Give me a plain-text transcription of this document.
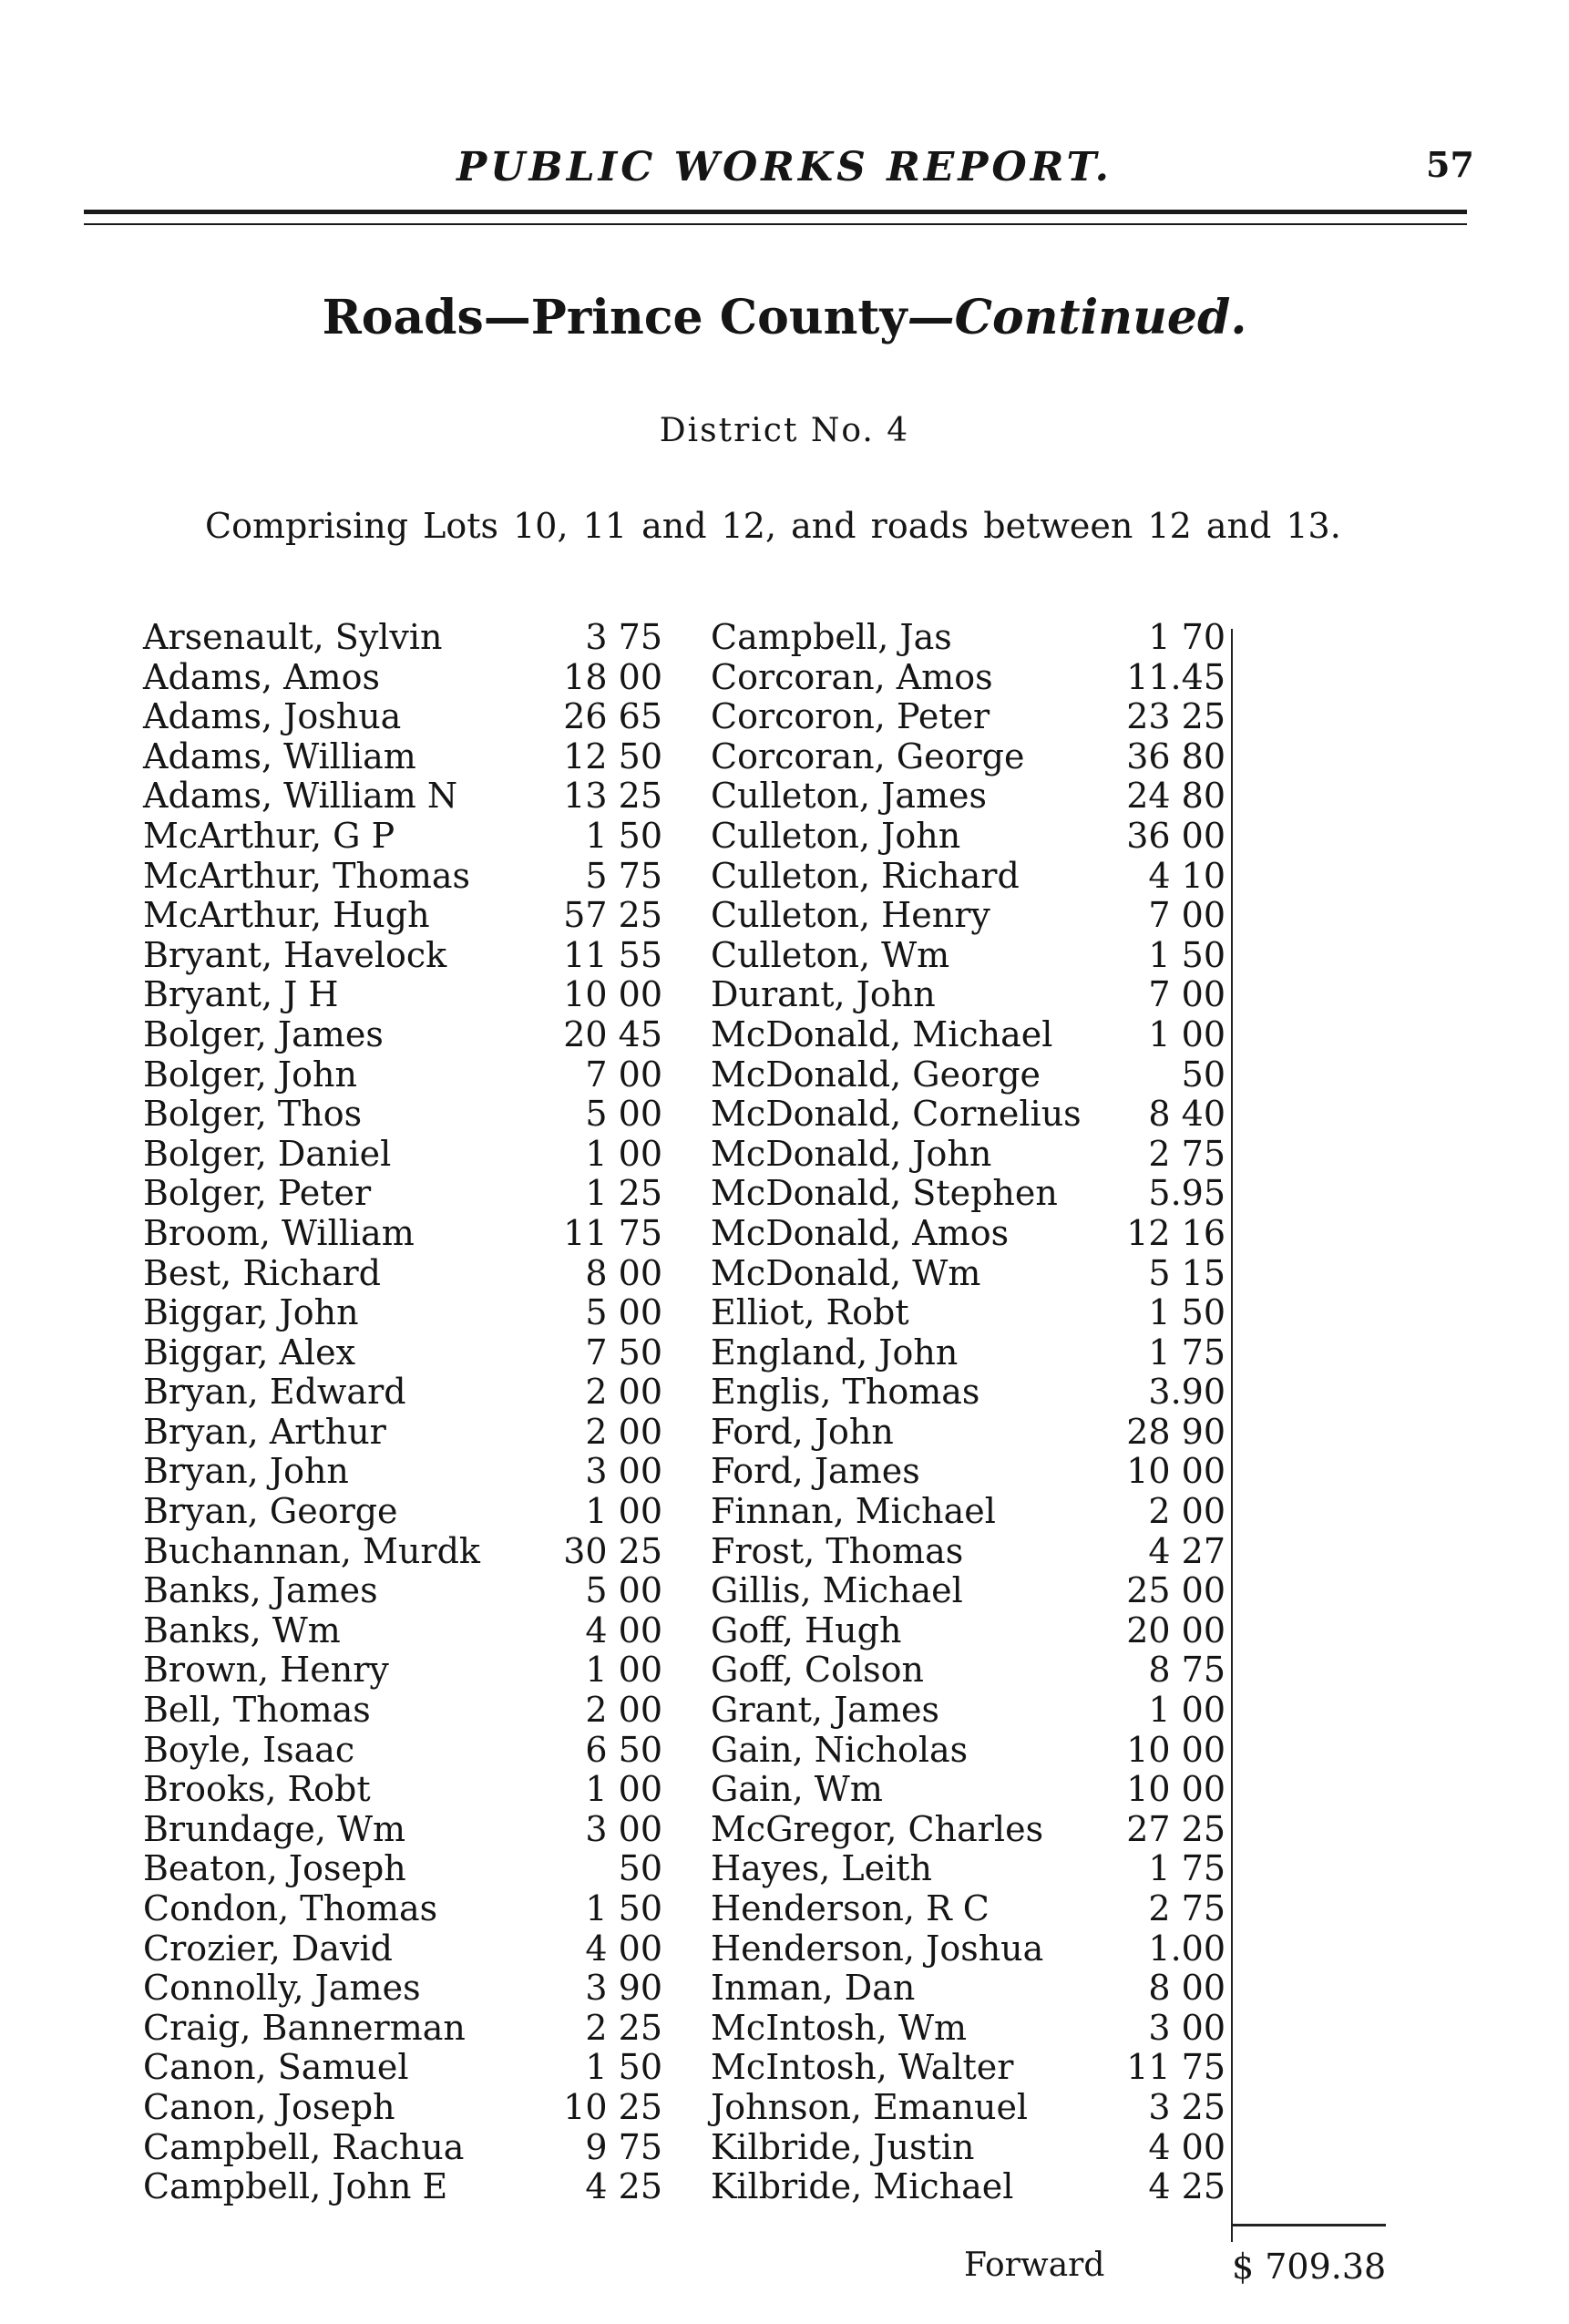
PUBLIC WORKS REPORT.	57
Roads—Prince County—Continued.
District No. 4
Comprising Lots 10, 11 and 12, and roads between 12 and 13.
Arsenault, Sylvin	3 75
Adams, Amos	18 00
Adams, Joshua	26 65
Adams, William	12 50
Adams, William N	13 25
McArthur, G P	1 50
McArthur, Thomas	5 75
McArthur, Hugh	57 25
Bryant, Havelock	11 55
Bryant, J H	10 00
Bolger, James	20 45
Bolger, John	7 00
Bolger, Thos	5 00
Bolger, Daniel	1 00
Bolger, Peter	1 25
Broom, William	11 75
Best, Richard	8 00
Biggar, John	5 00
Biggar, Alex	7 50
Bryan, Edward	2 00
Bryan, Arthur	2 00
Bryan, John	3 00
Bryan, George	1 00
Buchannan, Murdk	30 25
Banks, James	5 00
Banks, Wm	4 00
Brown, Henry	1 00
Bell, Thomas	2 00
Boyle, Isaac	6 50
Brooks, Robt	1 00
Brundage, Wm	3 00
Beaton, Joseph	50
Condon, Thomas	1 50
Crozier, David	4 00
Connolly, James	3 90
Craig, Bannerman	2 25
Canon, Samuel	1 50
Canon, Joseph	10 25
Campbell, Rachua	9 75
Campbell, John E	4 25
Campbell, Jas	1 70
Corcoran, Amos	11.45
Corcoron, Peter	23 25
Corcoran, George	36 80
Culleton, James	24 80
Culleton, John	36 00
Culleton, Richard	4 10
Culleton, Henry	7 00
Culleton, Wm	1 50
Durant, John	7 00
McDonald, Michael	1 00
McDonald, George	50
McDonald, Cornelius	8 40
McDonald, John	2 75
McDonald, Stephen	5.95
McDonald, Amos	12 16
McDonald, Wm	5 15
Elliot, Robt	1 50
England, John	1 75
Englis, Thomas	3.90
Ford, John	28 90
Ford, James	10 00
Finnan, Michael	2 00
Frost, Thomas	4 27
Gillis, Michael	25 00
Goff, Hugh	20 00
Goff, Colson	8 75
Grant, James	1 00
Gain, Nicholas	10 00
Gain, Wm	10 00
McGregor, Charles	27 25
Hayes, Leith	1 75
Henderson, R C	2 75
Henderson, Joshua	1.00
Inman, Dan	8 00
McIntosh, Wm	3 00
McIntosh, Walter	11 75
Johnson, Emanuel	3 25
Kilbride, Justin	4 00
Kilbride, Michael	4 25
Forward	$ 709.38
